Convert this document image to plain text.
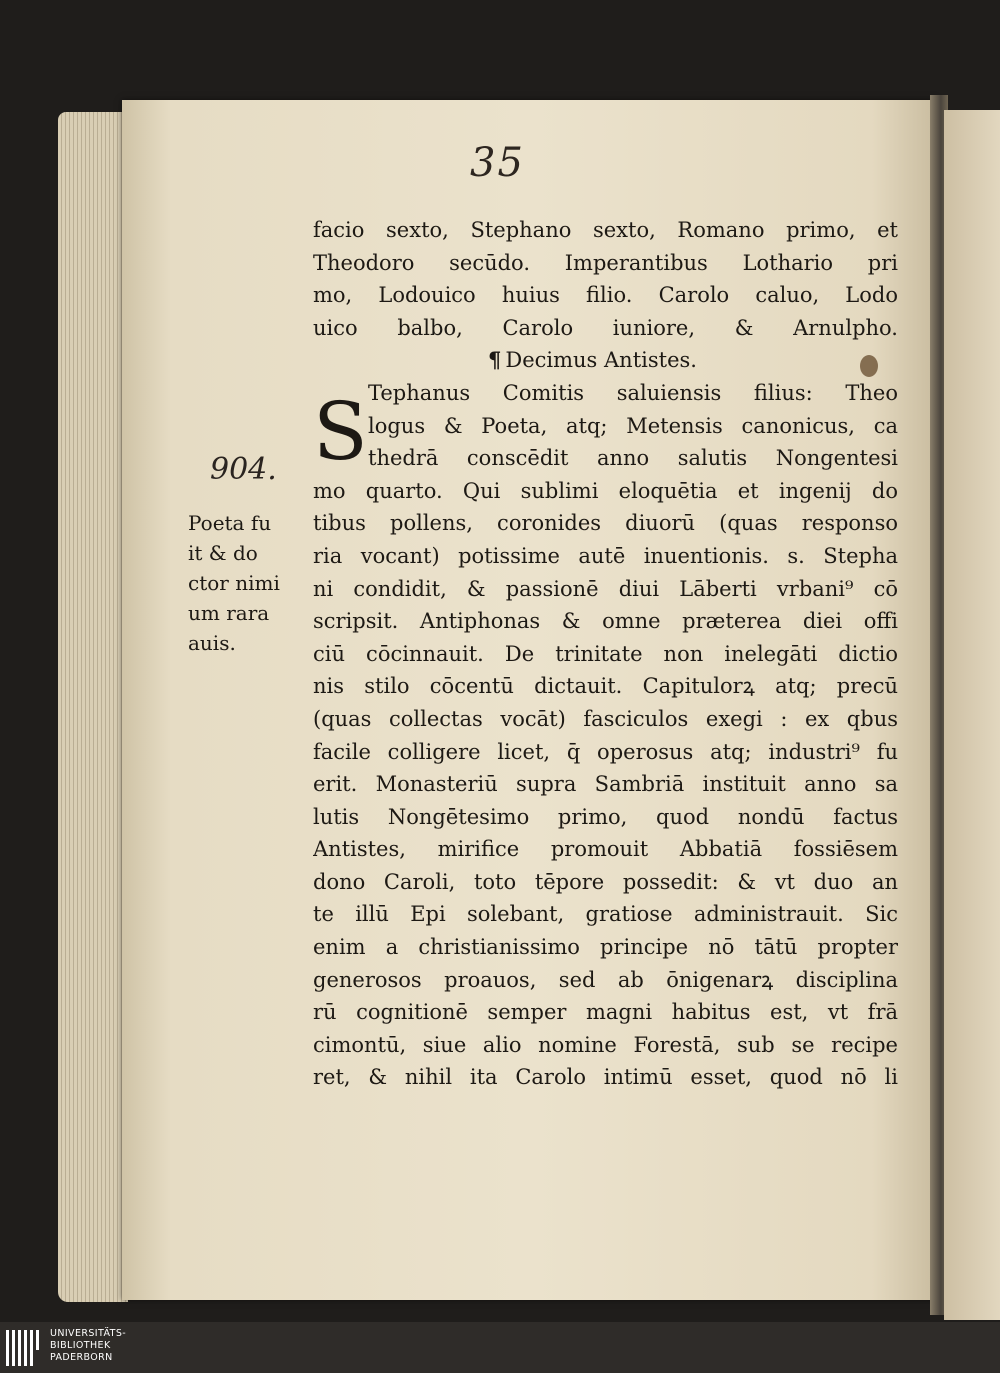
35
facio sexto, Stephano sexto, Romano primo, et
Theodoro secūdo. Imperantibus Lothario pri
mo, Lodouico huius filio. Carolo caluo, Lodo
uico balbo, Carolo iuniore, & Arnulpho.
¶ Decimus Antistes.
Tephanus Comitis saluiensis filius: Theo
logus & Poeta, atq; Metensis canonicus, ca
thedrā conscēdit anno salutis Nongentesi
mo quarto. Qui sublimi eloquētia et ingenij do
tibus pollens, coronides diuorū (quas responso
ria vocant) potissime autē inuentionis. s. Stepha
ni condidit, & passionē diui Lāberti vrbani⁹ cō
scripsit. Antiphonas & omne præterea diei offi
ciū cōcinnauit. De trinitate non inelegāti dictio
nis stilo cōcentū dictauit. Capitulorꝝ atq; precū
(quas collectas vocāt) fasciculos exegi : ex qbus
facile colligere licet, q̄ operosus atq; industri⁹ fu
erit. Monasteriū supra Sambriā instituit anno sa
lutis Nongētesimo primo, quod nondū factus
Antistes, mirifice promouit Abbatiā fossiēsem
dono Caroli, toto tēpore possedit: & vt duo an
te illū Epi solebant, gratiose administrauit. Sic
enim a christianissimo principe nō tātū propter
generosos proauos, sed ab ōnigenarꝝ disciplina
rū cognitionē semper magni habitus est, vt frā
cimontū, siue alio nomine Forestā, sub se recipe
ret, & nihil ita Carolo intimū esset, quod nō li
S
904.
Poeta fu
it & do
ctor nimi
um rara
auis.
UNIVERSITÄTS-
BIBLIOTHEK
PADERBORN
